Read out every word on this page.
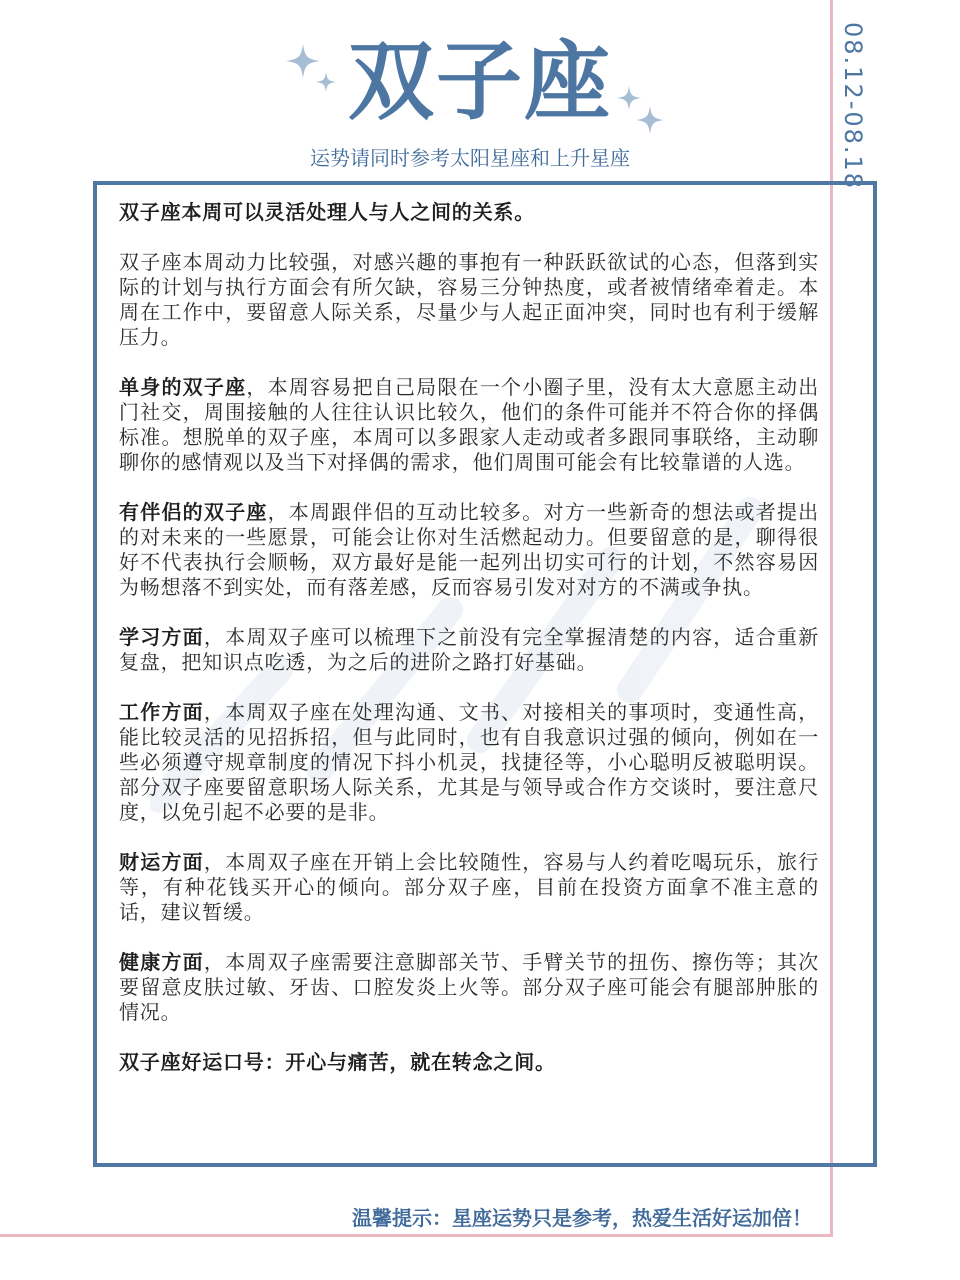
双子座
运势请同时参考太阳星座和上升星座	08.12-08.18

双子座本周可以灵活处理人与人之间的关系。

双子座本周动力比较强，对感兴趣的事抱有一种跃跃欲试的心态，但落到实际的计划与执行方面会有所欠缺，容易三分钟热度，或者被情绪牵着走。本周在工作中，要留意人际关系，尽量少与人起正面冲突，同时也有利于缓解压力。

单身的双子座，本周容易把自己局限在一个小圈子里，没有太大意愿主动出门社交，周围接触的人往往认识比较久，他们的条件可能并不符合你的择偶标准。想脱单的双子座，本周可以多跟家人走动或者多跟同事联络，主动聊聊你的感情观以及当下对择偶的需求，他们周围可能会有比较靠谱的人选。

有伴侣的双子座，本周跟伴侣的互动比较多。对方一些新奇的想法或者提出的对未来的一些愿景，可能会让你对生活燃起动力。但要留意的是，聊得很好不代表执行会顺畅，双方最好是能一起列出切实可行的计划，不然容易因为畅想落不到实处，而有落差感，反而容易引发对对方的不满或争执。

学习方面，本周双子座可以梳理下之前没有完全掌握清楚的内容，适合重新复盘，把知识点吃透，为之后的进阶之路打好基础。

工作方面，本周双子座在处理沟通、文书、对接相关的事项时，变通性高，能比较灵活的见招拆招，但与此同时，也有自我意识过强的倾向，例如在一些必须遵守规章制度的情况下抖小机灵，找捷径等，小心聪明反被聪明误。部分双子座要留意职场人际关系，尤其是与领导或合作方交谈时，要注意尺度，以免引起不必要的是非。

财运方面，本周双子座在开销上会比较随性，容易与人约着吃喝玩乐，旅行等，有种花钱买开心的倾向。部分双子座，目前在投资方面拿不准主意的话，建议暂缓。

健康方面，本周双子座需要注意脚部关节、手臂关节的扭伤、擦伤等；其次要留意皮肤过敏、牙齿、口腔发炎上火等。部分双子座可能会有腿部肿胀的情况。

双子座好运口号：开心与痛苦，就在转念之间。

温馨提示：星座运势只是参考，热爱生活好运加倍！
